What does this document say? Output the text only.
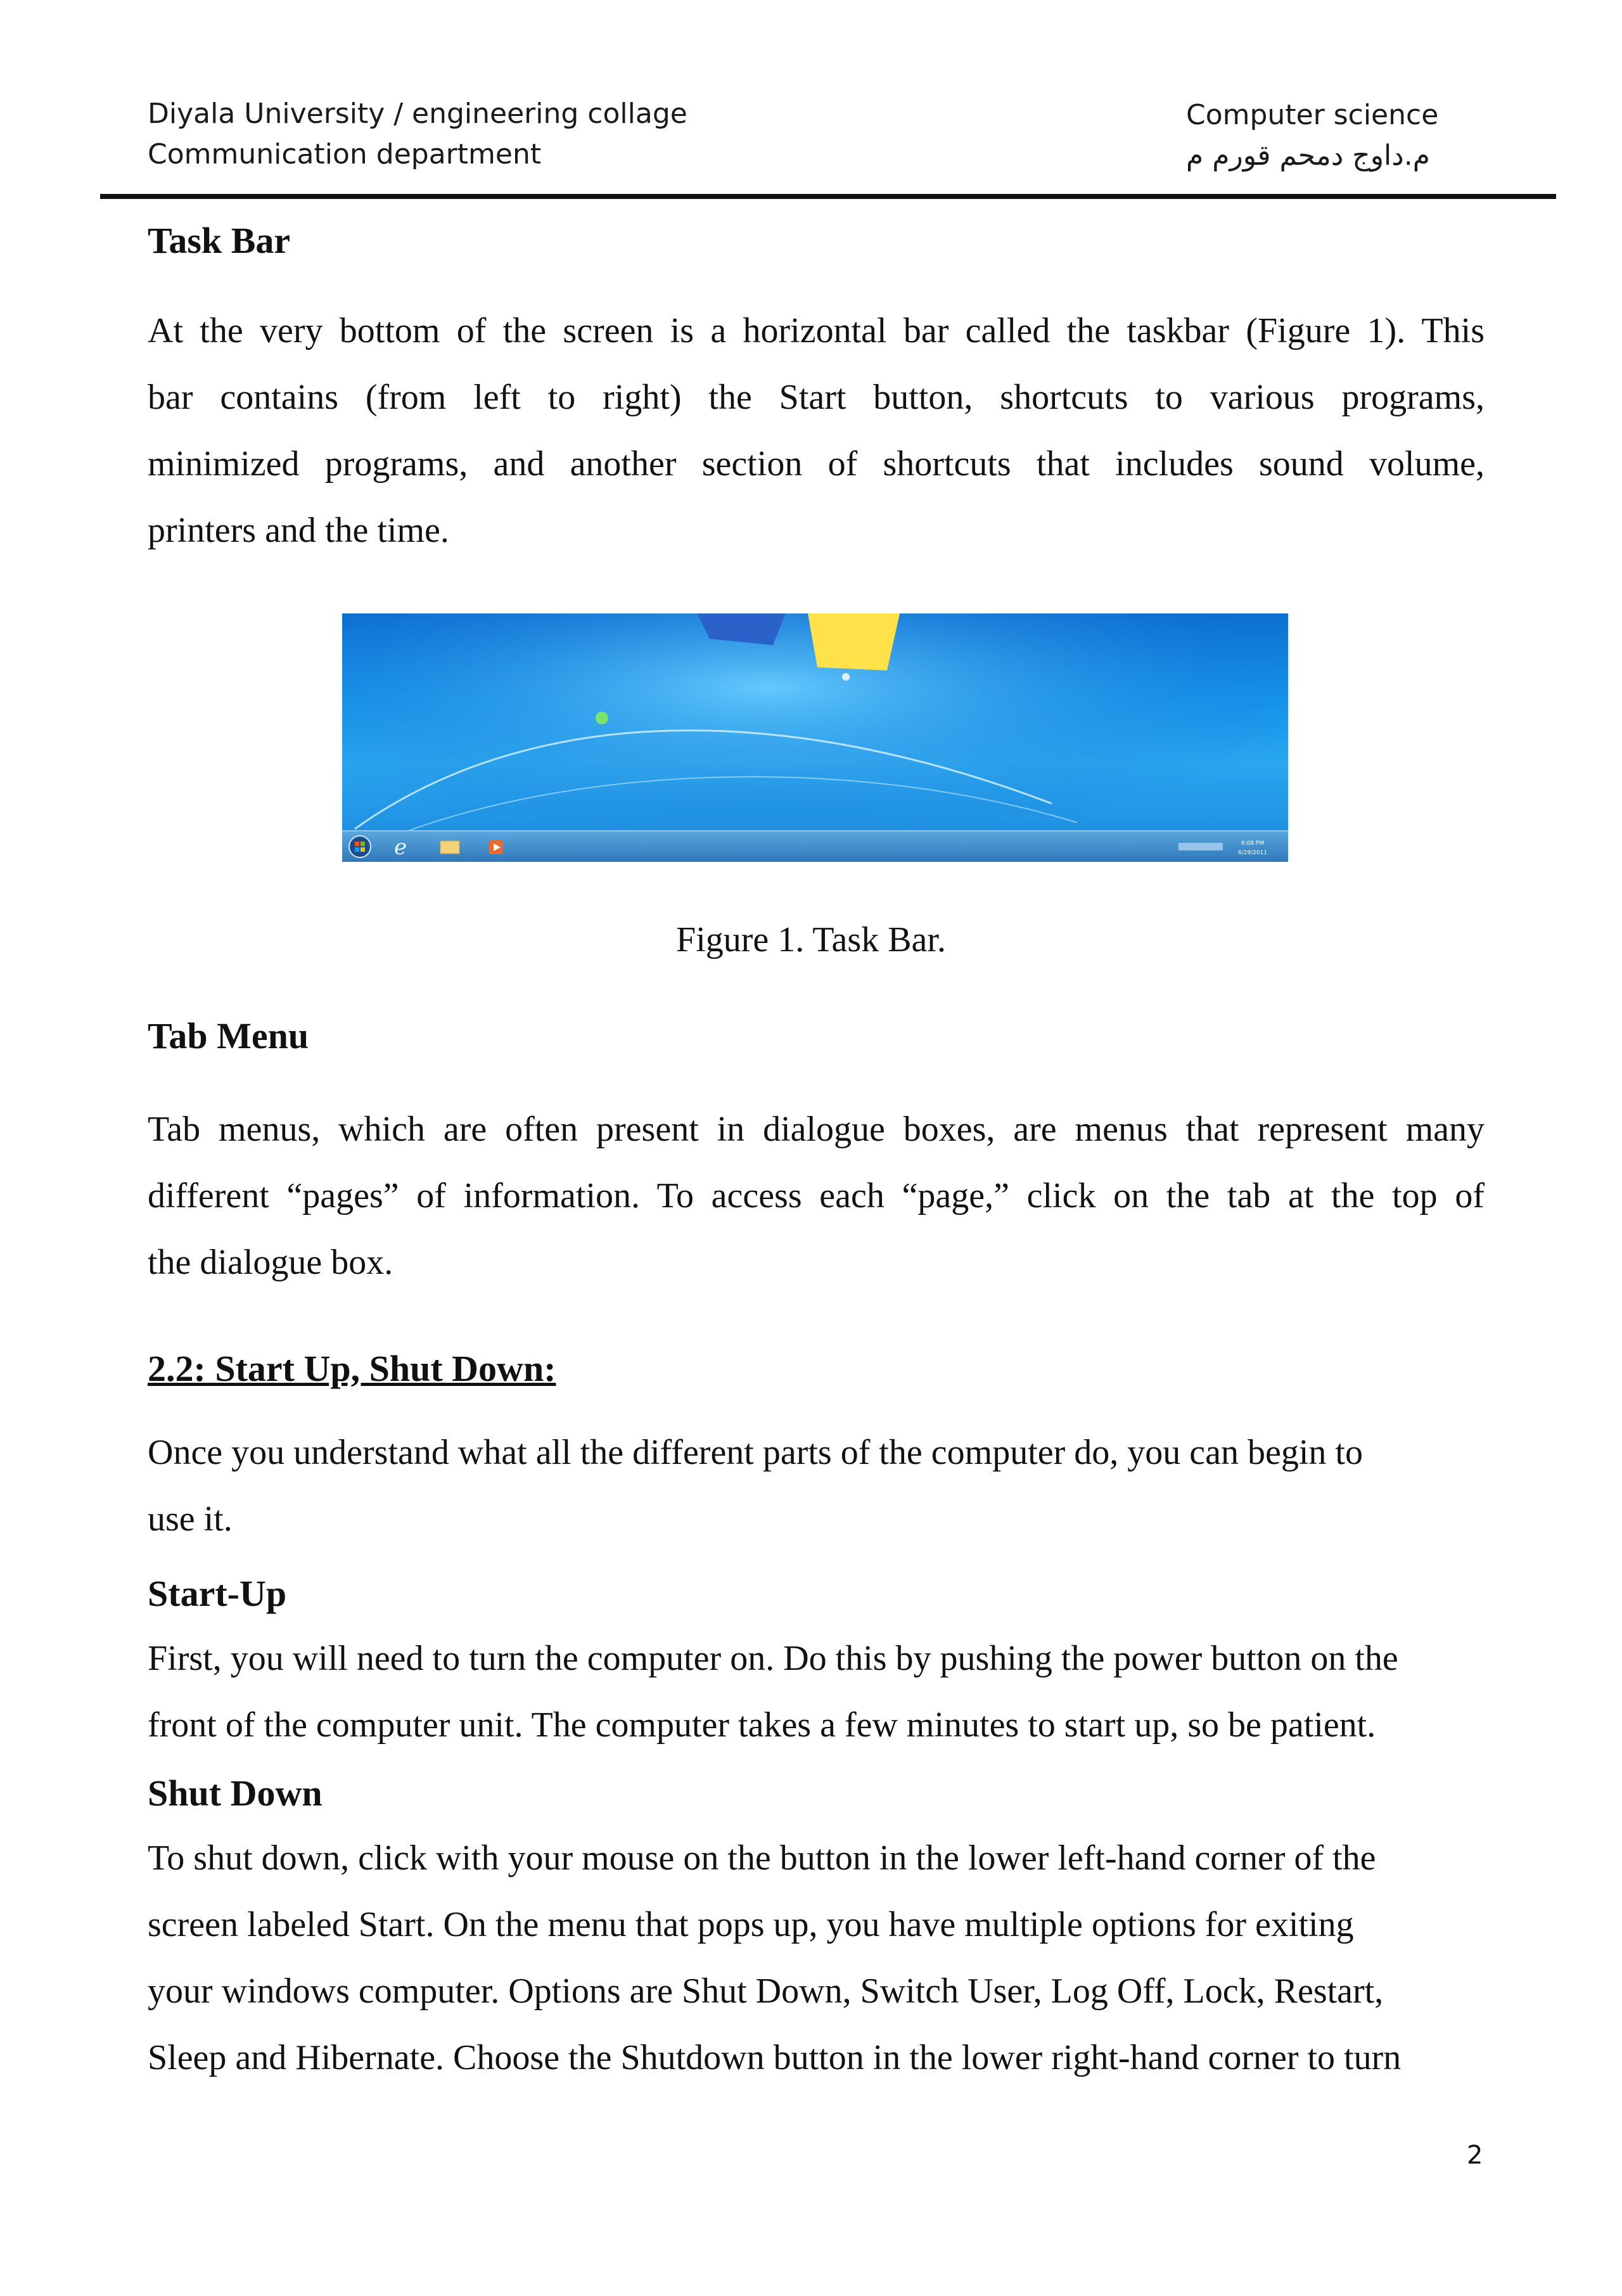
Diyala University / engineering collage
Communication department
Computer science
م.داوج دمحم قورم م
Task Bar
At the very bottom of the screen is a horizontal bar called the taskbar (Figure 1). This
bar contains (from left to right) the Start button, shortcuts to various programs,
minimized programs, and another section of shortcuts that includes sound volume,
printers and the time.
e	6:08 PM
6/29/2011
Figure 1. Task Bar.
Tab Menu
Tab menus, which are often present in dialogue boxes, are menus that represent many
different “pages” of information. To access each “page,” click on the tab at the top of
the dialogue box.
2.2: Start Up, Shut Down:
Once you understand what all the different parts of the computer do, you can begin to
use it.
Start-Up
First, you will need to turn the computer on. Do this by pushing the power button on the
front of the computer unit. The computer takes a few minutes to start up, so be patient.
Shut Down
To shut down, click with your mouse on the button in the lower left-hand corner of the
screen labeled Start. On the menu that pops up, you have multiple options for exiting
your windows computer. Options are Shut Down, Switch User, Log Off, Lock, Restart,
Sleep and Hibernate. Choose the Shutdown button in the lower right-hand corner to turn
2
